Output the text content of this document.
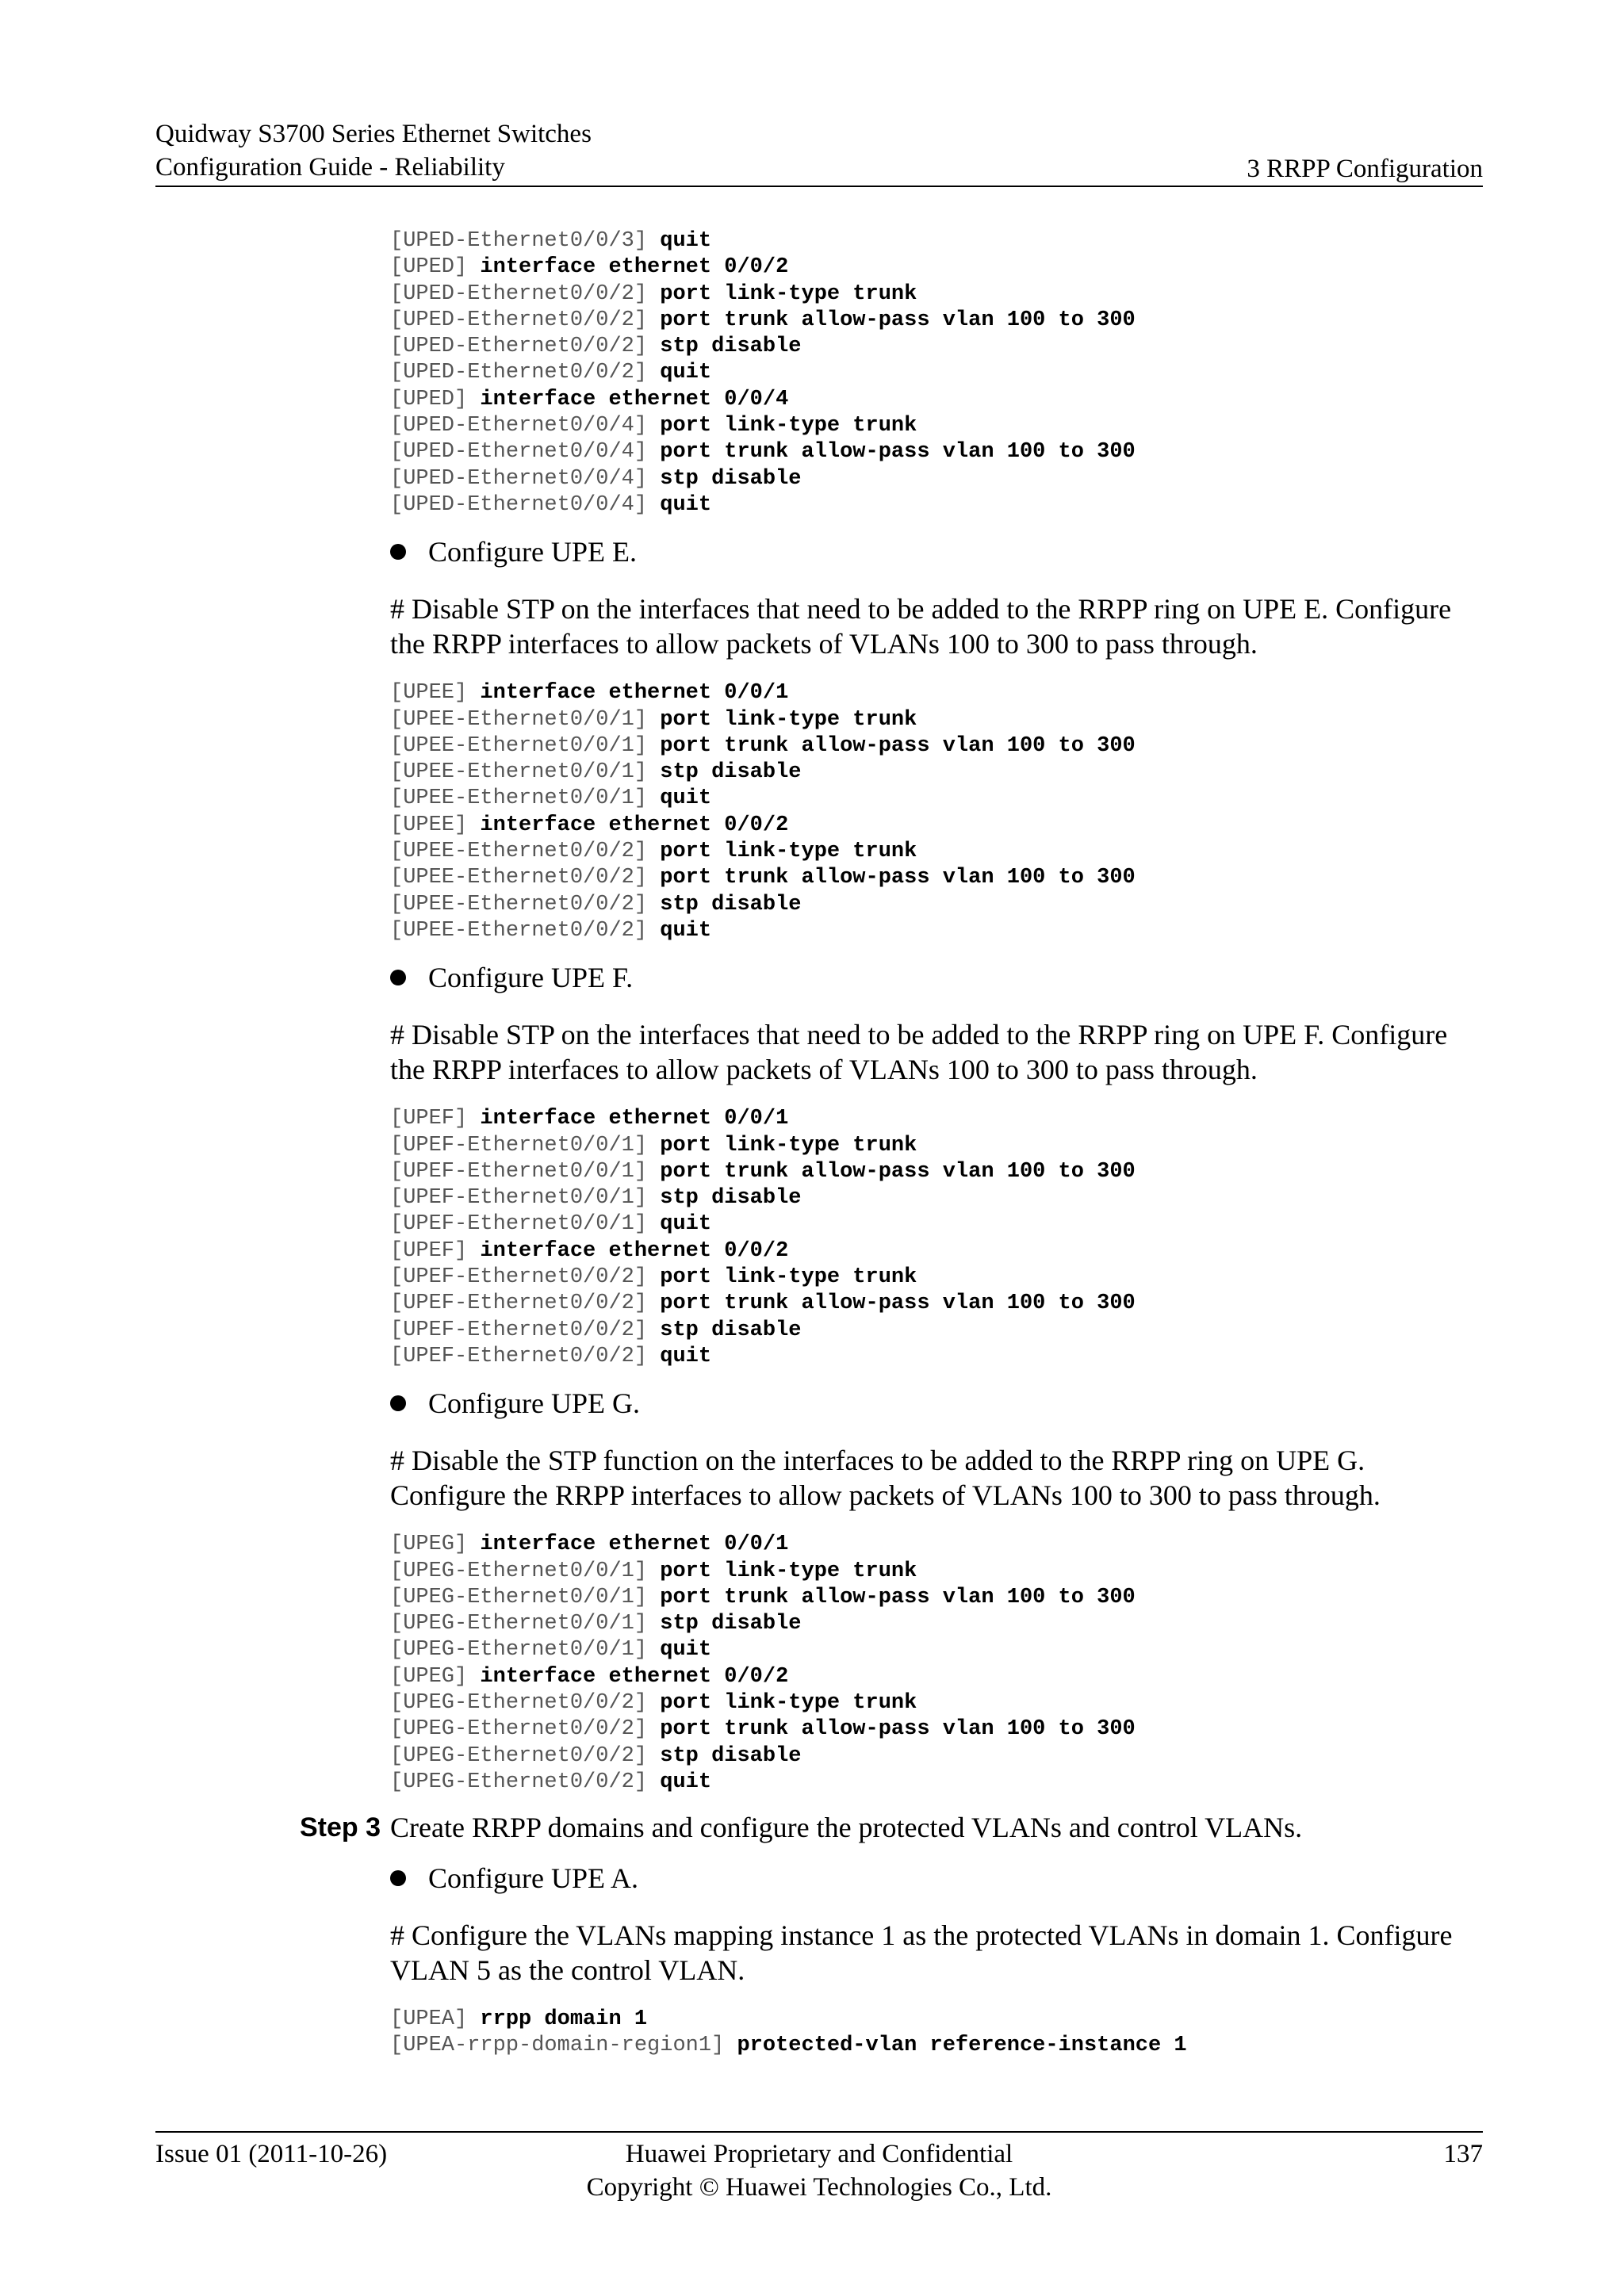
Quidway S3700 Series Ethernet Switches
Configuration Guide - Reliability	3 RRPP Configuration
[UPED-Ethernet0/0/3] quit
[UPED] interface ethernet 0/0/2
[UPED-Ethernet0/0/2] port link-type trunk
[UPED-Ethernet0/0/2] port trunk allow-pass vlan 100 to 300
[UPED-Ethernet0/0/2] stp disable
[UPED-Ethernet0/0/2] quit
[UPED] interface ethernet 0/0/4
[UPED-Ethernet0/0/4] port link-type trunk
[UPED-Ethernet0/0/4] port trunk allow-pass vlan 100 to 300
[UPED-Ethernet0/0/4] stp disable
[UPED-Ethernet0/0/4] quit
Configure UPE E.
# Disable STP on the interfaces that need to be added to the RRPP ring on UPE E. Configure the RRPP interfaces to allow packets of VLANs 100 to 300 to pass through.
[UPEE] interface ethernet 0/0/1
[UPEE-Ethernet0/0/1] port link-type trunk
[UPEE-Ethernet0/0/1] port trunk allow-pass vlan 100 to 300
[UPEE-Ethernet0/0/1] stp disable
[UPEE-Ethernet0/0/1] quit
[UPEE] interface ethernet 0/0/2
[UPEE-Ethernet0/0/2] port link-type trunk
[UPEE-Ethernet0/0/2] port trunk allow-pass vlan 100 to 300
[UPEE-Ethernet0/0/2] stp disable
[UPEE-Ethernet0/0/2] quit
Configure UPE F.
# Disable STP on the interfaces that need to be added to the RRPP ring on UPE F. Configure the RRPP interfaces to allow packets of VLANs 100 to 300 to pass through.
[UPEF] interface ethernet 0/0/1
[UPEF-Ethernet0/0/1] port link-type trunk
[UPEF-Ethernet0/0/1] port trunk allow-pass vlan 100 to 300
[UPEF-Ethernet0/0/1] stp disable
[UPEF-Ethernet0/0/1] quit
[UPEF] interface ethernet 0/0/2
[UPEF-Ethernet0/0/2] port link-type trunk
[UPEF-Ethernet0/0/2] port trunk allow-pass vlan 100 to 300
[UPEF-Ethernet0/0/2] stp disable
[UPEF-Ethernet0/0/2] quit
Configure UPE G.
# Disable the STP function on the interfaces to be added to the RRPP ring on UPE G. Configure the RRPP interfaces to allow packets of VLANs 100 to 300 to pass through.
[UPEG] interface ethernet 0/0/1
[UPEG-Ethernet0/0/1] port link-type trunk
[UPEG-Ethernet0/0/1] port trunk allow-pass vlan 100 to 300
[UPEG-Ethernet0/0/1] stp disable
[UPEG-Ethernet0/0/1] quit
[UPEG] interface ethernet 0/0/2
[UPEG-Ethernet0/0/2] port link-type trunk
[UPEG-Ethernet0/0/2] port trunk allow-pass vlan 100 to 300
[UPEG-Ethernet0/0/2] stp disable
[UPEG-Ethernet0/0/2] quit
Step 3 Create RRPP domains and configure the protected VLANs and control VLANs.
Configure UPE A.
# Configure the VLANs mapping instance 1 as the protected VLANs in domain 1. Configure VLAN 5 as the control VLAN.
[UPEA] rrpp domain 1
[UPEA-rrpp-domain-region1] protected-vlan reference-instance 1
Issue 01 (2011-10-26)	Huawei Proprietary and Confidential
Copyright © Huawei Technologies Co., Ltd.
137
